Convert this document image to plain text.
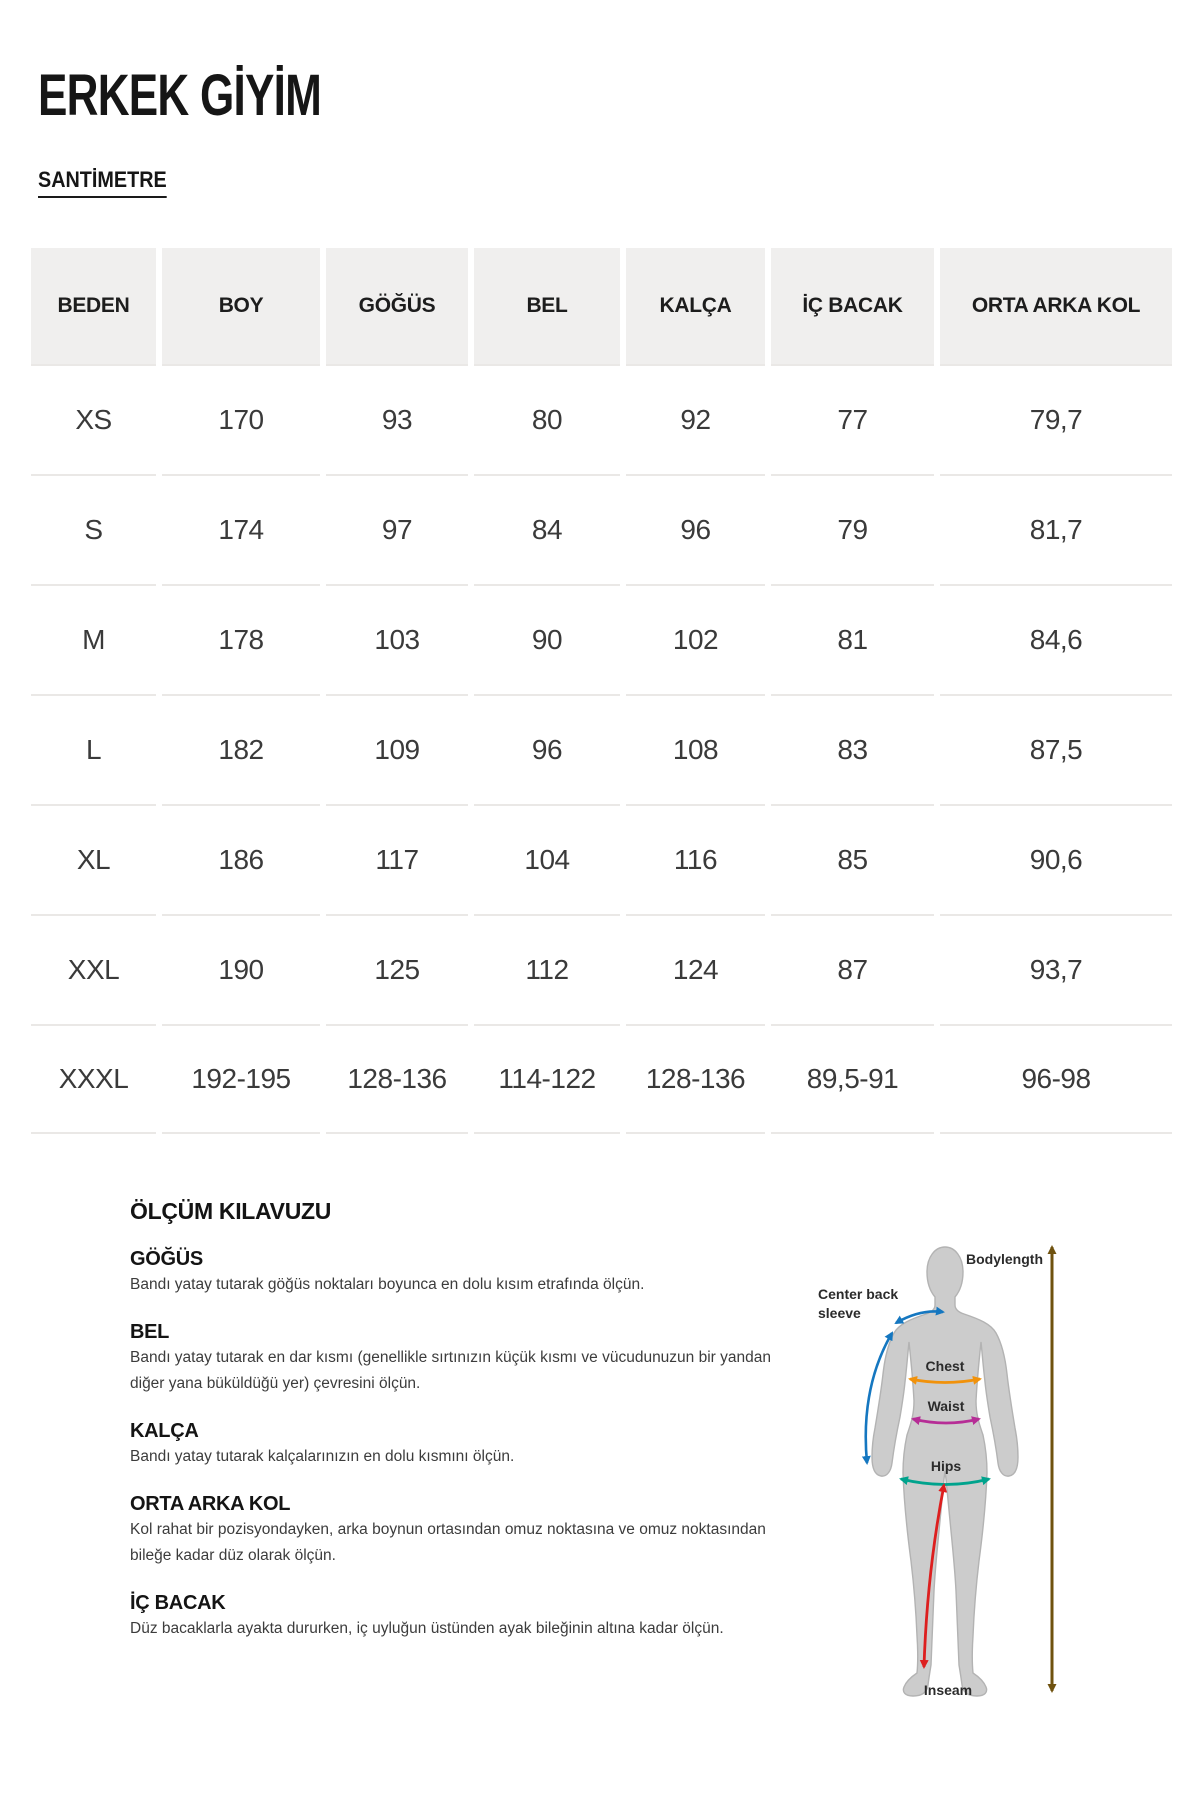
ERKEK GİYİM
SANTİMETRE
BEDEN	BOY	GÖĞÜS	BEL	KALÇA	İÇ BACAK	ORTA ARKA KOL
XS	170	93	80	92	77	79,7
S	174	97	84	96	79	81,7
M	178	103	90	102	81	84,6
L	182	109	96	108	83	87,5
XL	186	117	104	116	85	90,6
XXL	190	125	112	124	87	93,7
XXXL	192-195	128-136	114-122	128-136	89,5-91	96-98
ÖLÇÜM KILAVUZU
GÖĞÜS

Bandı yatay tutarak göğüs noktaları boyunca en dolu kısım etrafında ölçün.

BEL

Bandı yatay tutarak en dar kısmı (genellikle sırtınızın küçük kısmı ve vücudunuzun bir yandan diğer yana büküldüğü yer) çevresini ölçün.

KALÇA

Bandı yatay tutarak kalçalarınızın en dolu kısmını ölçün.

ORTA ARKA KOL

Kol rahat bir pozisyondayken, arka boynun ortasından omuz noktasına ve omuz noktasından bileğe kadar düz olarak ölçün.

İÇ BACAK

Düz bacaklarla ayakta dururken, iç uyluğun üstünden ayak bileğinin altına kadar ölçün.

Bodylength
Center back
sleeve
Chest
Waist
Hips
Inseam
